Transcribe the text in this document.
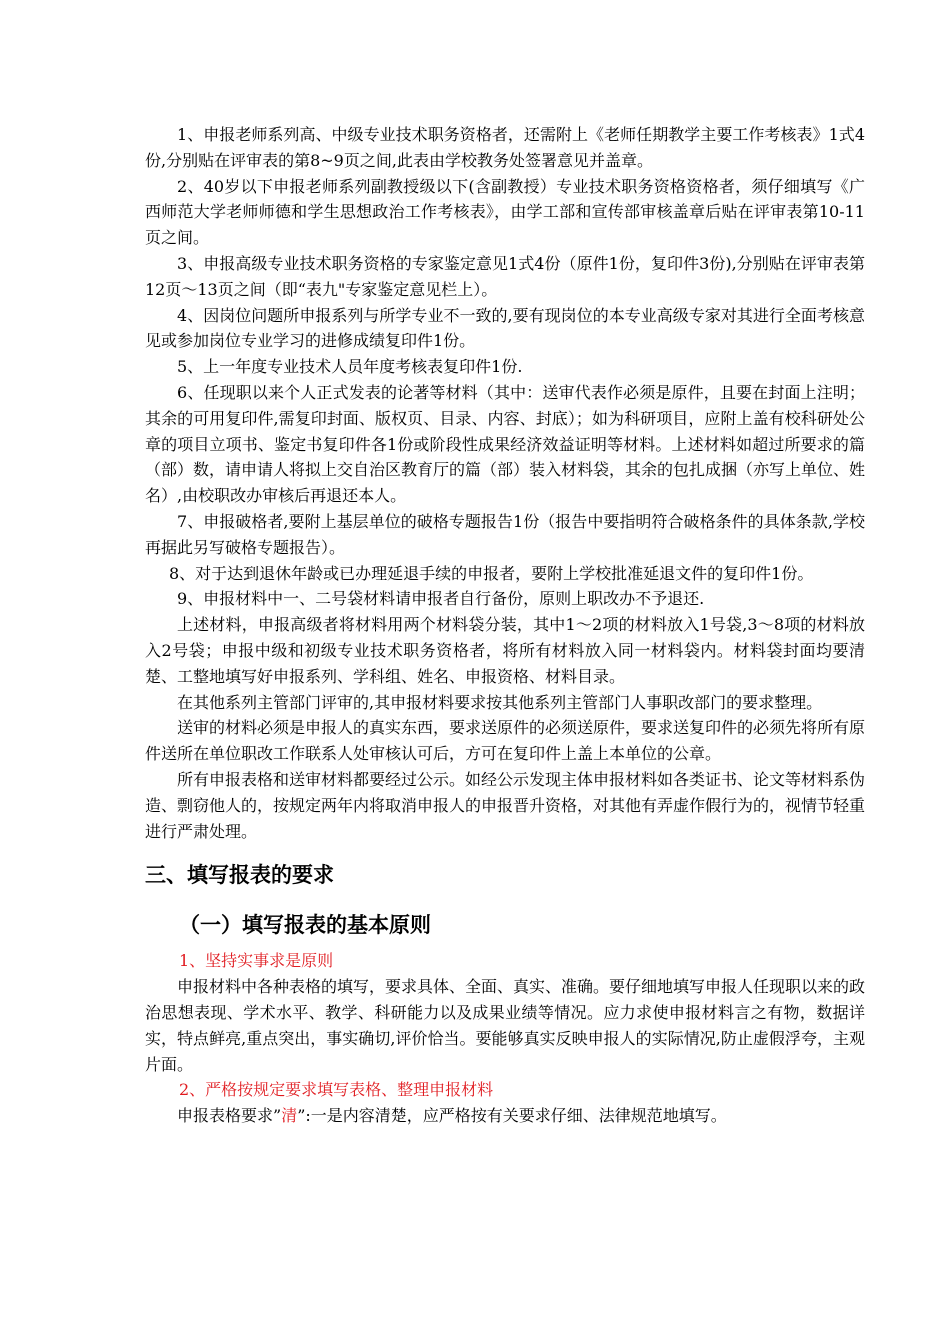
1、申报老师系列高、中级专业技术职务资格者，还需附上《老师任期教学主要工作考核表》1式4份,分别贴在评审表的第8~9页之间,此表由学校教务处签署意见并盖章。

2、40岁以下申报老师系列副教授级以下(含副教授）专业技术职务资格资格者，须仔细填写《广西师范大学老师师德和学生思想政治工作考核表》，由学工部和宣传部审核盖章后贴在评审表第10-11页之间。

3、申报高级专业技术职务资格的专家鉴定意见1式4份（原件1份，复印件3份),分别贴在评审表第12页～13页之间（即“表九"专家鉴定意见栏上）。

4、因岗位问题所申报系列与所学专业不一致的,要有现岗位的本专业高级专家对其进行全面考核意见或参加岗位专业学习的进修成绩复印件1份。

5、上一年度专业技术人员年度考核表复印件1份.

6、任现职以来个人正式发表的论著等材料（其中：送审代表作必须是原件，且要在封面上注明；其余的可用复印件,需复印封面、版权页、目录、内容、封底）；如为科研项目，应附上盖有校科研处公章的项目立项书、鉴定书复印件各1份或阶段性成果经济效益证明等材料。上述材料如超过所要求的篇（部）数，请申请人将拟上交自治区教育厅的篇（部）装入材料袋，其余的包扎成捆（亦写上单位、姓名）,由校职改办审核后再退还本人。

7、申报破格者,要附上基层单位的破格专题报告1份（报告中要指明符合破格条件的具体条款,学校再据此另写破格专题报告）。

8、对于达到退休年龄或已办理延退手续的申报者，要附上学校批准延退文件的复印件1份。

9、申报材料中一、二号袋材料请申报者自行备份，原则上职改办不予退还.

上述材料，申报高级者将材料用两个材料袋分装，其中1～2项的材料放入1号袋,3～8项的材料放入2号袋；申报中级和初级专业技术职务资格者，将所有材料放入同一材料袋内。材料袋封面均要清楚、工整地填写好申报系列、学科组、姓名、申报资格、材料目录。

在其他系列主管部门评审的,其申报材料要求按其他系列主管部门人事职改部门的要求整理。

送审的材料必须是申报人的真实东西，要求送原件的必须送原件，要求送复印件的必须先将所有原件送所在单位职改工作联系人处审核认可后，方可在复印件上盖上本单位的公章。

所有申报表格和送审材料都要经过公示。如经公示发现主体申报材料如各类证书、论文等材料系伪造、剽窃他人的，按规定两年内将取消申报人的申报晋升资格，对其他有弄虚作假行为的，视情节轻重进行严肃处理。

三、填写报表的要求
（一）填写报表的基本原则

1、坚持实事求是原则

申报材料中各种表格的填写，要求具体、全面、真实、准确。要仔细地填写申报人任现职以来的政治思想表现、学术水平、教学、科研能力以及成果业绩等情况。应力求使申报材料言之有物，数据详实，特点鲜亮,重点突出，事实确切,评价恰当。要能够真实反映申报人的实际情况,防止虚假浮夸，主观片面。

2、严格按规定要求填写表格、整理申报材料

申报表格要求”清”:一是内容清楚，应严格按有关要求仔细、法律规范地填写。
